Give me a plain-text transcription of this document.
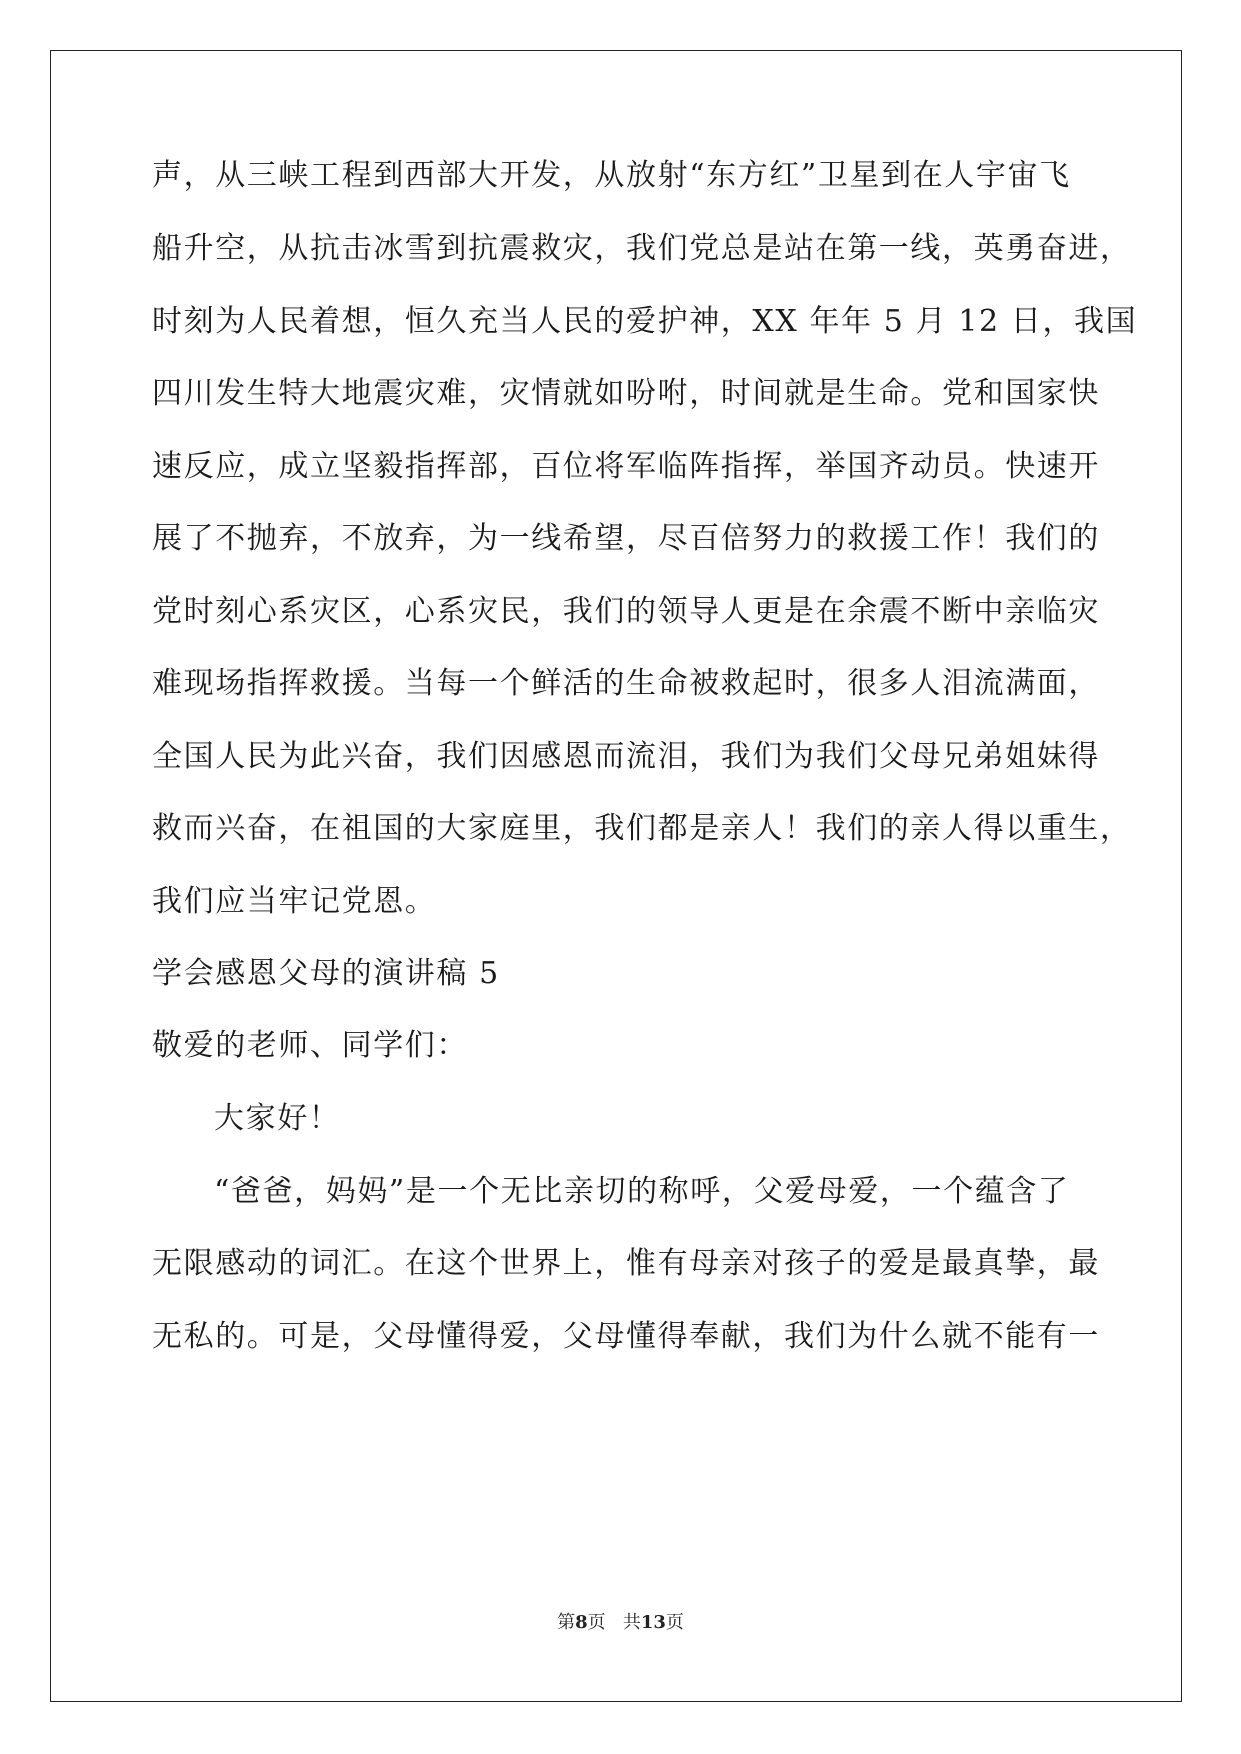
声，从三峡工程到西部大开发，从放射“东方红”卫星到在人宇宙飞
船升空，从抗击冰雪到抗震救灾，我们党总是站在第一线，英勇奋进，
时刻为人民着想，恒久充当人民的爱护神，XX 年年 5 月 12 日，我国
四川发生特大地震灾难，灾情就如吩咐，时间就是生命。党和国家快
速反应，成立坚毅指挥部，百位将军临阵指挥，举国齐动员。快速开
展了不抛弃，不放弃，为一线希望，尽百倍努力的救援工作！我们的
党时刻心系灾区，心系灾民，我们的领导人更是在余震不断中亲临灾
难现场指挥救援。当每一个鲜活的生命被救起时，很多人泪流满面，
全国人民为此兴奋，我们因感恩而流泪，我们为我们父母兄弟姐妹得
救而兴奋，在祖国的大家庭里，我们都是亲人！我们的亲人得以重生，
我们应当牢记党恩。
学会感恩父母的演讲稿 5
敬爱的老师、同学们：
大家好！
“爸爸，妈妈”是一个无比亲切的称呼，父爱母爱，一个蕴含了
无限感动的词汇。在这个世界上，惟有母亲对孩子的爱是最真挚，最
无私的。可是，父母懂得爱，父母懂得奉献，我们为什么就不能有一
第8页 共13页
